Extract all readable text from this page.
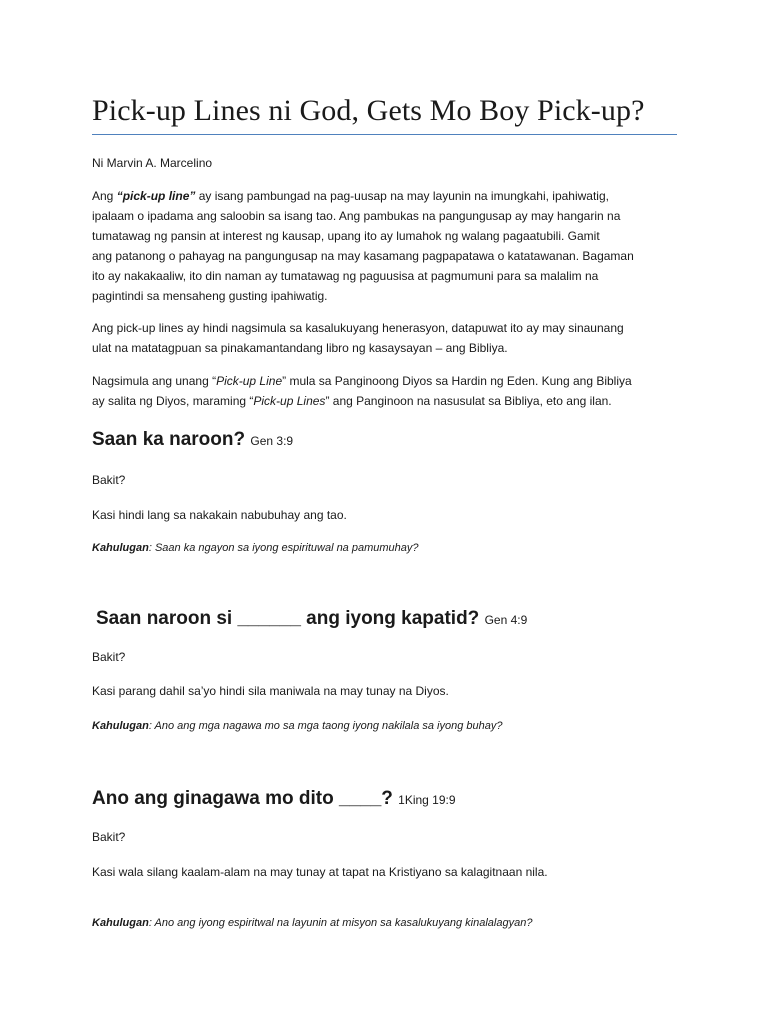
Pick-up Lines ni God, Gets Mo Boy Pick-up?
Ni Marvin A. Marcelino
Ang “pick-up line” ay isang pambungad na pag-uusap na may layunin na imungkahi, ipahiwatig,
ipalaam o ipadama ang saloobin sa isang tao. Ang pambukas na pangungusap ay may hangarin na
tumatawag ng pansin at interest ng kausap, upang ito ay lumahok ng walang pagaatubili. Gamit
ang patanong o pahayag na pangungusap na may kasamang pagpapatawa o katatawanan. Bagaman
ito ay nakakaaliw, ito din naman ay tumatawag ng paguusisa at pagmumuni para sa malalim na
pagintindi sa mensaheng gusting ipahiwatig.
Ang pick-up lines ay hindi nagsimula sa kasalukuyang henerasyon, datapuwat ito ay may sinaunang
ulat na matatagpuan sa pinakamantandang libro ng kasaysayan – ang Bibliya.
Nagsimula ang unang “Pick-up Line” mula sa Panginoong Diyos sa Hardin ng Eden. Kung ang Bibliya
ay salita ng Diyos, maraming “Pick-up Lines” ang Panginoon na nasusulat sa Bibliya, eto ang ilan.
Saan ka naroon? Gen 3:9
Bakit?
Kasi hindi lang sa nakakain nabubuhay ang tao.
Kahulugan: Saan ka ngayon sa iyong espirituwal na pamumuhay?
Saan naroon si ______ ang iyong kapatid? Gen 4:9
Bakit?
Kasi parang dahil sa’yo hindi sila maniwala na may tunay na Diyos.
Kahulugan: Ano ang mga nagawa mo sa mga taong iyong nakilala sa iyong buhay?
Ano ang ginagawa mo dito ____? 1King 19:9
Bakit?
Kasi wala silang kaalam-alam na may tunay at tapat na Kristiyano sa kalagitnaan nila.
Kahulugan: Ano ang iyong espiritwal na layunin at misyon sa kasalukuyang kinalalagyan?
